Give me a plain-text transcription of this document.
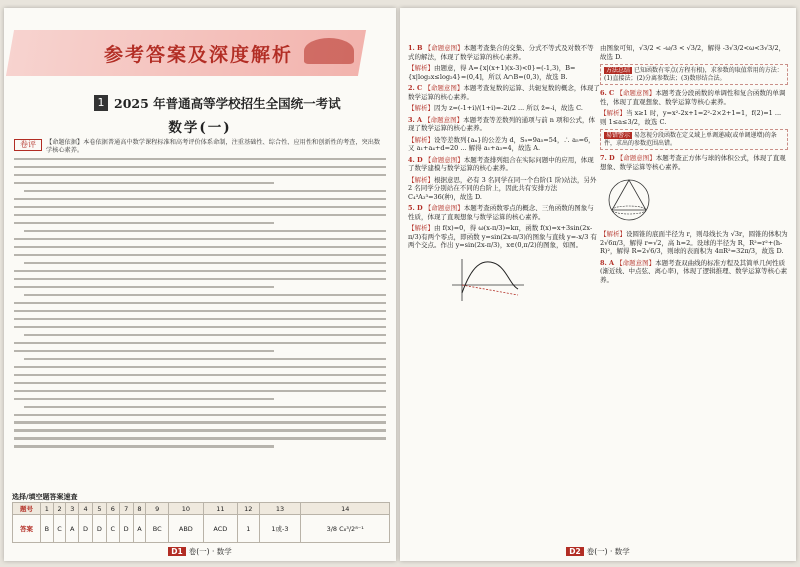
参考答案及深度解析
1 2025 年普通高等学校招生全国统一考试
数学(一)
卷评	【命题依据】本卷依据普通高中数学课程标准和高考评价体系命制，注重基础性、综合性、应用性和创新性的考查，突出数学核心素养。
选择/填空题答案速查
题号	1	2	3	4	5	6	7	8	9	10	11	12	13	14
答案	B	C	A	D	D	C	D	A	BC	ABD	ACD	1	1或-3	3/8 C₈³/2⁸⁻¹
D1 卷(一) · 数学
1. B 【命题意图】本题考查集合的交集、分式不等式及对数不等式的解法，体现了数学运算的核心素养。
【解析】由题意，得 A={x|(x+1)(x-3)<0}=(-1,3)，B={x|log₂x≤log₂4}=(0,4]，所以 A∩B=(0,3)，故选 B.
2. C 【命题意图】本题考查复数的运算、共轭复数的概念，体现了数学运算的核心素养。
【解析】因为 z=(-1+i)/(1+i)=-2i/2 ... 所以 z̄=-i，故选 C.
3. A 【命题意图】本题考查等差数列的通项与前 n 项和公式，体现了数学运算的核心素养。
【解析】设等差数列{aₙ}的公差为 d，S₉=9a₅=54，∴ a₅=6，又 a₁+a₄+d=20 ... 解得 a₁+a₃=4，故选 A.
4. D 【命题意图】本题考查排列组合在实际问题中的应用，体现了数学建模与数学运算的核心素养。
【解析】根据意思，必有 3 名同学在同一个台阶(1 阶)站法，另外 2 名同学分别站在不同的台阶上，因此共有安排方法 C₄³A₃³=36(种)，故选 D.
5. D 【命题意图】本题考查函数零点的概念、三角函数的图象与性质，体现了直观想象与数学运算的核心素养。
【解析】由 f(x)=0，得 ω(x-π/3)=kπ，函数 f(x)=x+3sin(2x-π/3)有两个零点，即函数 y=sin(2x-π/3)的图象与直线 y=-x/3 有两个交点。作出 y=sin(2x-π/3)，x∈(0,π/2)的图象，如图。
由图象可知，√3/2 < -ω/3 < √3/2，解得 -3√3/2<ω<3√3/2，故选 D.
方法总结 已知函数有零点(方程有根)，求参数的取值常用的方法：(1)直接法；(2)分离参数法；(3)数形结合法。
6. C 【命题意图】本题考查分段函数的单调性和复合函数的单调性，体现了直观想象、数学运算等核心素养。
【解析】当 x≥1 时，y=x²-2x+1=2²-2×2+1=1，f(2)=1 ... 则 1≤a≤3/2，故选 C.
易错警示 易忽视分段函数在定义域上单调递减(或单调递增)的条件，求出的参数范围出错。
7. D 【命题意图】本题考查正方体与球的体积公式，体现了直观想象、数学运算等核心素养。
【解析】设圆锥的底面半径为 r，则母线长为 √3r，圆锥的体积为 2√6π/3，解得 r=√2，高 h=2。设球的半径为 R，R²=r²+(h-R)²，解得 R=2√6/3，则球的表面积为 4πR²=32π/3，故选 D.
8. A 【命题意图】本题考查双曲线的标准方程及其简单几何性质(渐近线、中点弦、离心率)，体现了逻辑推理、数学运算等核心素养。
D2 卷(一) · 数学
